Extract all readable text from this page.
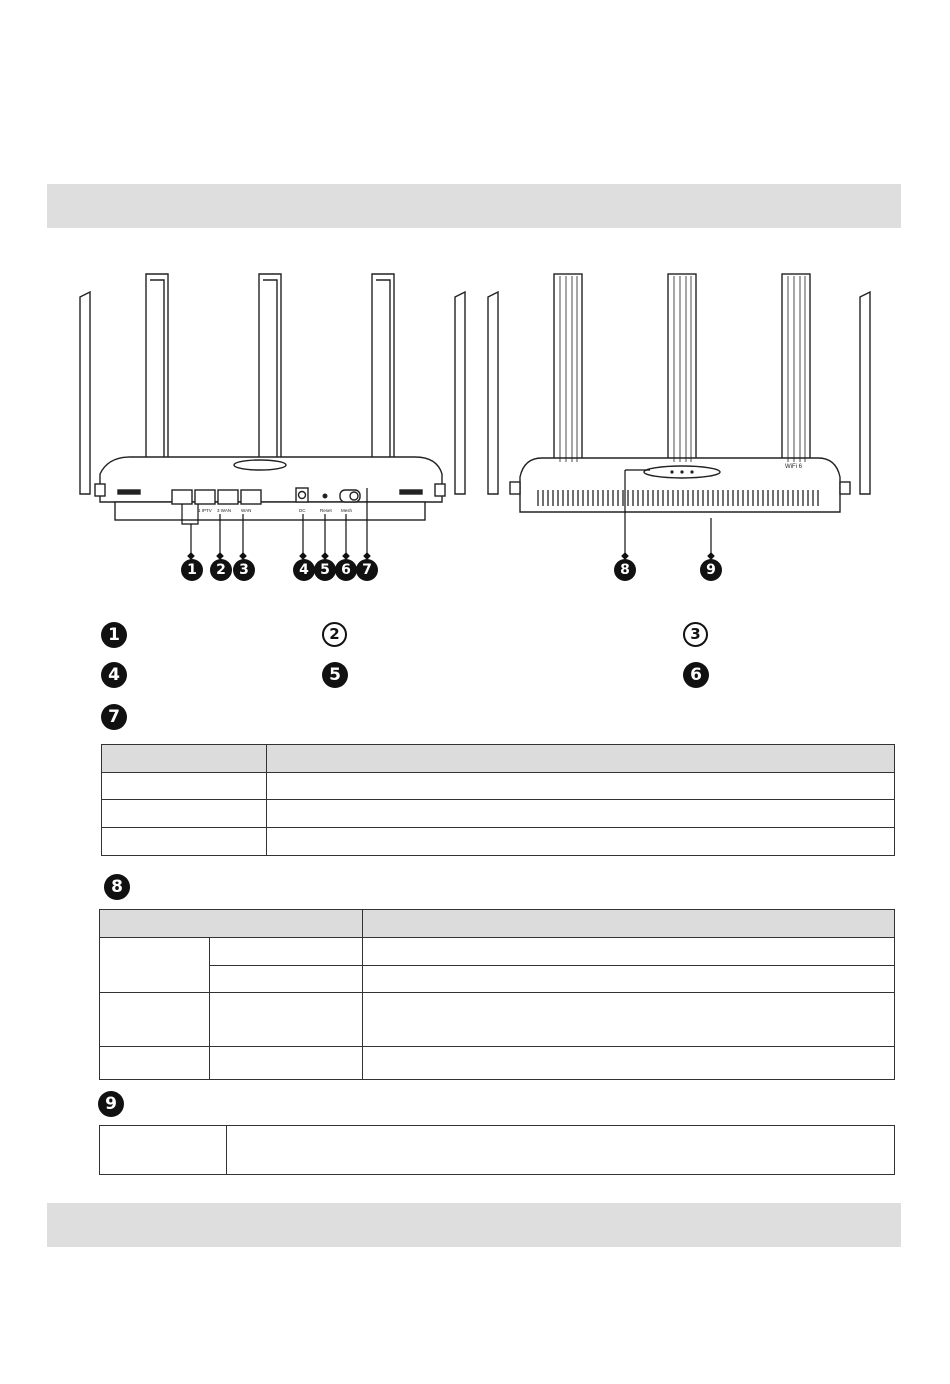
1 IPTV 3 WAN WAN	DC	Reset Mesh
WiFi 6
1	2 3	4 5 6 7	8	9
1	2	3
4	5	6
7

8

9
